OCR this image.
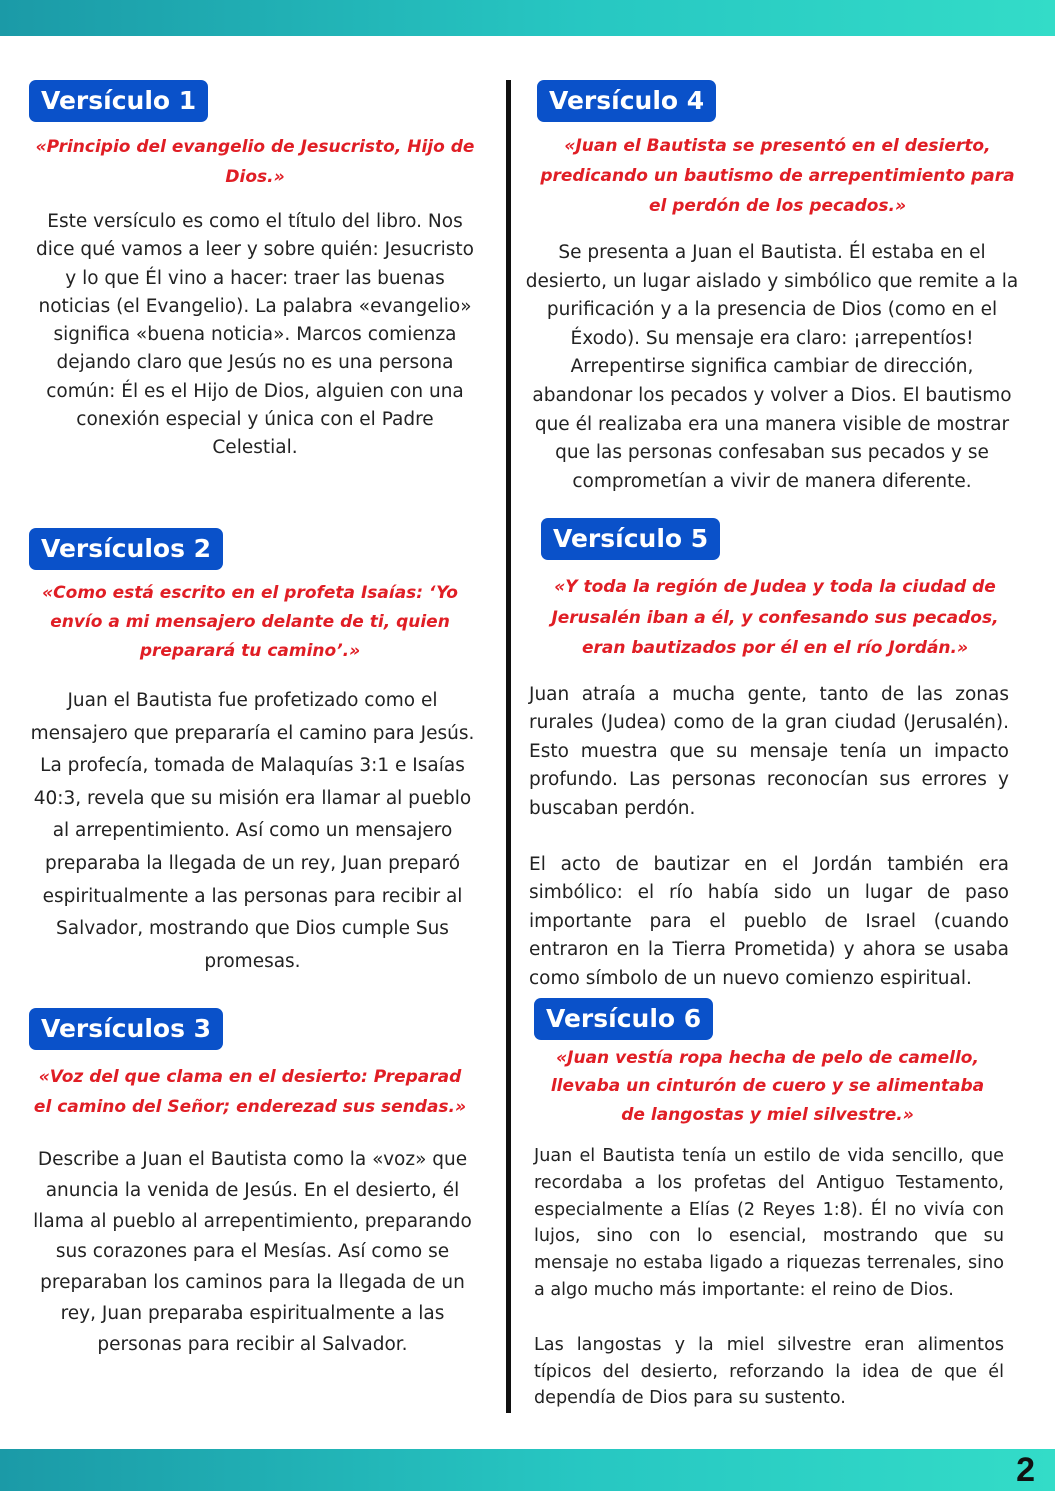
Versículo 1

«Principio del evangelio de Jesucristo, Hijo de Dios.»

Este versículo es como el título del libro. Nos dice qué vamos a leer y sobre quién: Jesucristo y lo que Él vino a hacer: traer las buenas noticias (el Evangelio). La palabra «evangelio» significa «buena noticia». Marcos comienza dejando claro que Jesús no es una persona común: Él es el Hijo de Dios, alguien con una conexión especial y única con el Padre Celestial.

Versículos 2

«Como está escrito en el profeta Isaías: ‘Yo envío a mi mensajero delante de ti, quien preparará tu camino’.»

Juan el Bautista fue profetizado como el mensajero que prepararía el camino para Jesús. La profecía, tomada de Malaquías 3:1 e Isaías 40:3, revela que su misión era llamar al pueblo al arrepentimiento. Así como un mensajero preparaba la llegada de un rey, Juan preparó espiritualmente a las personas para recibir al Salvador, mostrando que Dios cumple Sus promesas.

Versículos 3

«Voz del que clama en el desierto: Preparad el camino del Señor; enderezad sus sendas.»

Describe a Juan el Bautista como la «voz» que anuncia la venida de Jesús. En el desierto, él llama al pueblo al arrepentimiento, preparando sus corazones para el Mesías. Así como se preparaban los caminos para la llegada de un rey, Juan preparaba espiritualmente a las personas para recibir al Salvador.

Versículo 4

«Juan el Bautista se presentó en el desierto, predicando un bautismo de arrepentimiento para el perdón de los pecados.»

Se presenta a Juan el Bautista. Él estaba en el desierto, un lugar aislado y simbólico que remite a la purificación y a la presencia de Dios (como en el Éxodo). Su mensaje era claro: ¡arrepentíos! Arrepentirse significa cambiar de dirección, abandonar los pecados y volver a Dios. El bautismo que él realizaba era una manera visible de mostrar que las personas confesaban sus pecados y se comprometían a vivir de manera diferente.

Versículo 5

«Y toda la región de Judea y toda la ciudad de Jerusalén iban a él, y confesando sus pecados, eran bautizados por él en el río Jordán.»

Juan atraía a mucha gente, tanto de las zonas rurales (Judea) como de la gran ciudad (Jerusalén). Esto muestra que su mensaje tenía un impacto profundo. Las personas reconocían sus errores y buscaban perdón.

El acto de bautizar en el Jordán también era simbólico: el río había sido un lugar de paso importante para el pueblo de Israel (cuando entraron en la Tierra Prometida) y ahora se usaba como símbolo de un nuevo comienzo espiritual.

Versículo 6

«Juan vestía ropa hecha de pelo de camello, llevaba un cinturón de cuero y se alimentaba de langostas y miel silvestre.»

Juan el Bautista tenía un estilo de vida sencillo, que recordaba a los profetas del Antiguo Testamento, especialmente a Elías (2 Reyes 1:8). Él no vivía con lujos, sino con lo esencial, mostrando que su mensaje no estaba ligado a riquezas terrenales, sino a algo mucho más importante: el reino de Dios.

Las langostas y la miel silvestre eran alimentos típicos del desierto, reforzando la idea de que él dependía de Dios para su sustento.

2
